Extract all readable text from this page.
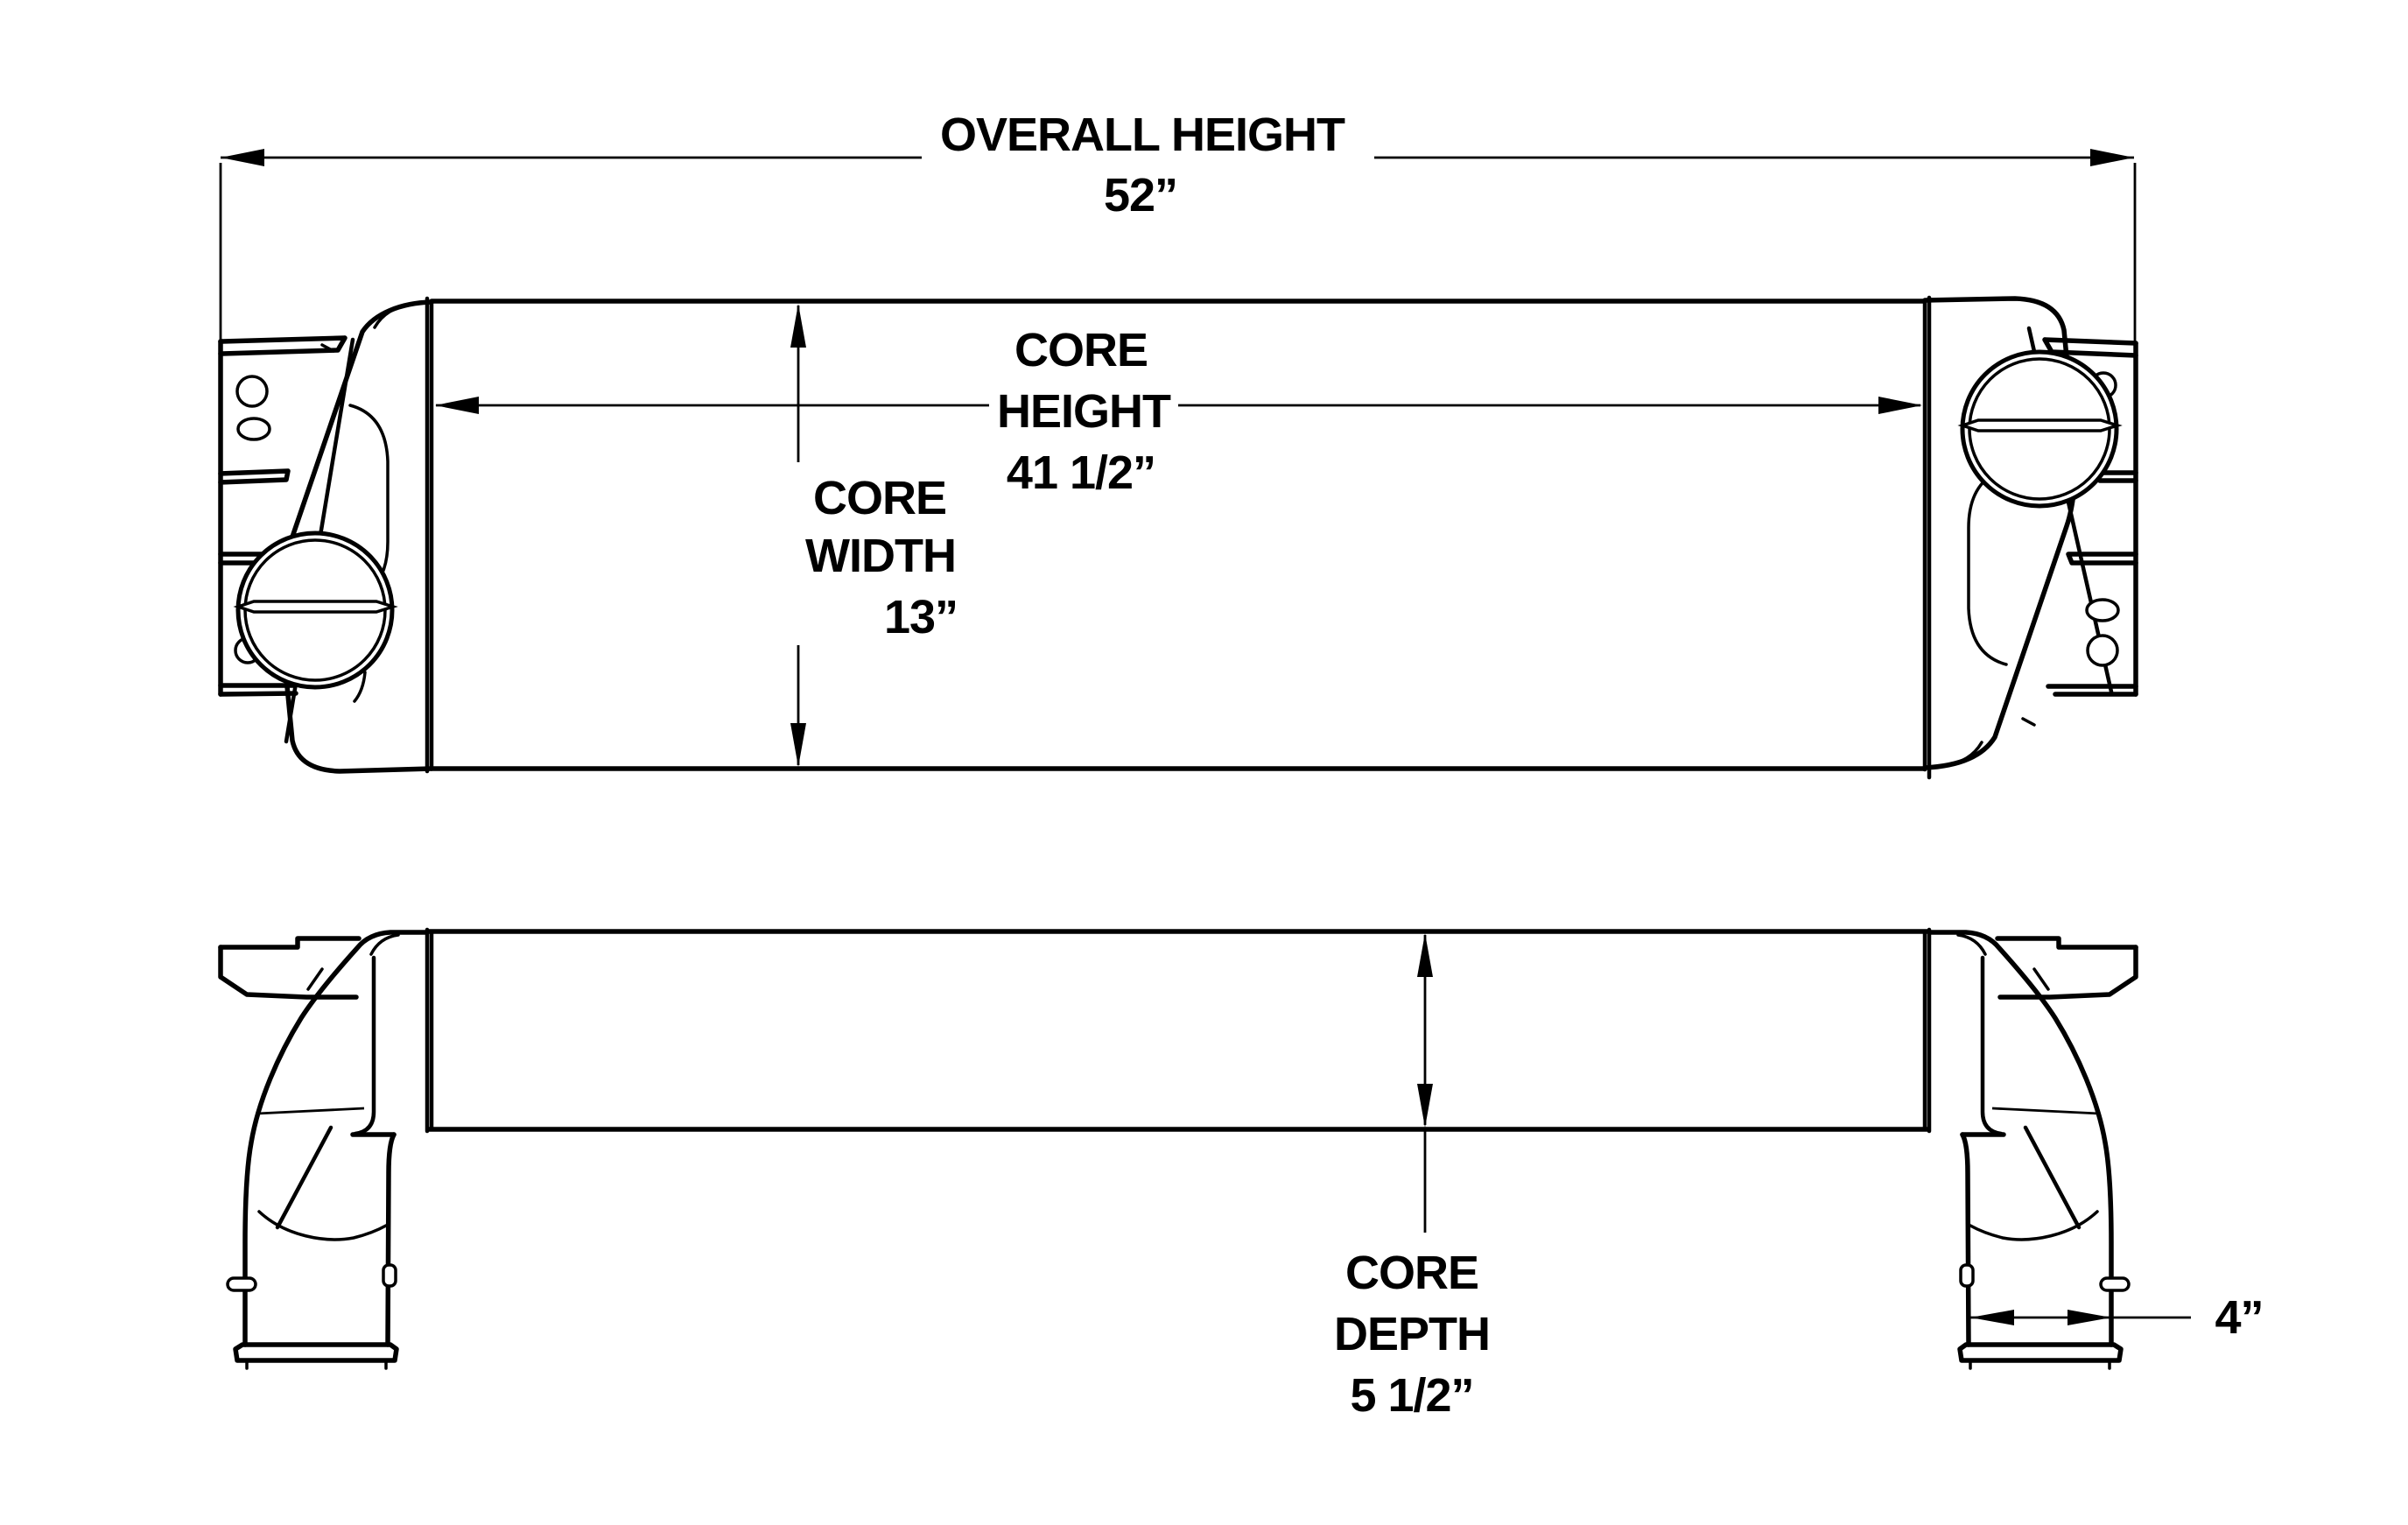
OVERALL HEIGHT
52”
CORE
HEIGHT
41 1/2”
CORE
WIDTH
13”
CORE
DEPTH
5 1/2”
4”
